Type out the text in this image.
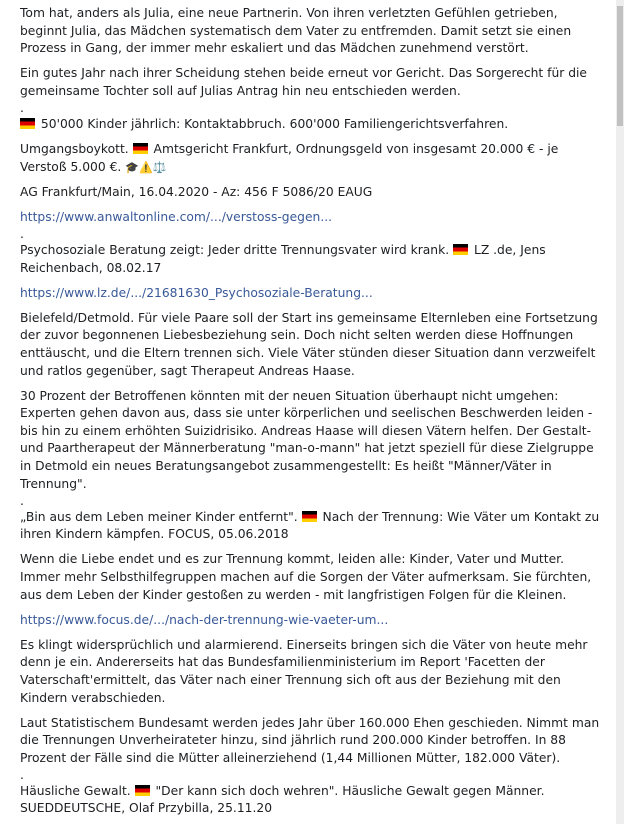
Tom hat, anders als Julia, eine neue Partnerin. Von ihren verletzten Gefühlen getrieben, beginnt Julia, das Mädchen systematisch dem Vater zu entfremden. Damit setzt sie einen Prozess in Gang, der immer mehr eskaliert und das Mädchen zunehmend verstört.

Ein gutes Jahr nach ihrer Scheidung stehen beide erneut vor Gericht. Das Sorgerecht für die gemeinsame Tochter soll auf Julias Antrag hin neu entschieden werden.

.

50'000 Kinder jährlich: Kontaktabbruch. 600'000 Familiengerichtsverfahren.

Umgangsboykott. Amtsgericht Frankfurt, Ordnungsgeld von insgesamt 20.000 € - je Verstoß 5.000 €. 🎓⚠️⚖️

AG Frankfurt/Main, 16.04.2020 - Az: 456 F 5086/20 EAUG

https://www.anwaltonline.com/.../verstoss-gegen...

.

Psychosoziale Beratung zeigt: Jeder dritte Trennungsvater wird krank. LZ .de, Jens Reichenbach, 08.02.17

https://www.lz.de/.../21681630_Psychosoziale-Beratung...

Bielefeld/Detmold. Für viele Paare soll der Start ins gemeinsame Elternleben eine Fortsetzung der zuvor begonnenen Liebesbeziehung sein. Doch nicht selten werden diese Hoffnungen enttäuscht, und die Eltern trennen sich. Viele Väter stünden dieser Situation dann verzweifelt und ratlos gegenüber, sagt Therapeut Andreas Haase.

30 Prozent der Betroffenen könnten mit der neuen Situation überhaupt nicht umgehen: Experten gehen davon aus, dass sie unter körperlichen und seelischen Beschwerden leiden - bis hin zu einem erhöhten Suizidrisiko. Andreas Haase will diesen Vätern helfen. Der Gestalt- und Paartherapeut der Männerberatung "man-o-mann" hat jetzt speziell für diese Zielgruppe in Detmold ein neues Beratungsangebot zusammengestellt: Es heißt "Männer/Väter in Trennung".

.

„Bin aus dem Leben meiner Kinder entfernt". Nach der Trennung: Wie Väter um Kontakt zu ihren Kindern kämpfen. FOCUS, 05.06.2018

Wenn die Liebe endet und es zur Trennung kommt, leiden alle: Kinder, Vater und Mutter. Immer mehr Selbsthilfegruppen machen auf die Sorgen der Väter aufmerksam. Sie fürchten, aus dem Leben der Kinder gestoßen zu werden - mit langfristigen Folgen für die Kleinen.

https://www.focus.de/.../nach-der-trennung-wie-vaeter-um...

Es klingt widersprüchlich und alarmierend. Einerseits bringen sich die Väter von heute mehr denn je ein. Andererseits hat das Bundesfamilienministerium im Report 'Facetten der Vaterschaft'ermittelt, das Väter nach einer Trennung sich oft aus der Beziehung mit den Kindern verabschieden.

Laut Statistischem Bundesamt werden jedes Jahr über 160.000 Ehen geschieden. Nimmt man die Trennungen Unverheirateter hinzu, sind jährlich rund 200.000 Kinder betroffen. In 88 Prozent der Fälle sind die Mütter alleinerziehend (1,44 Millionen Mütter, 182.000 Väter).

.

Häusliche Gewalt. "Der kann sich doch wehren". Häusliche Gewalt gegen Männer. SUEDDEUTSCHE, Olaf Przybilla, 25.11.20
